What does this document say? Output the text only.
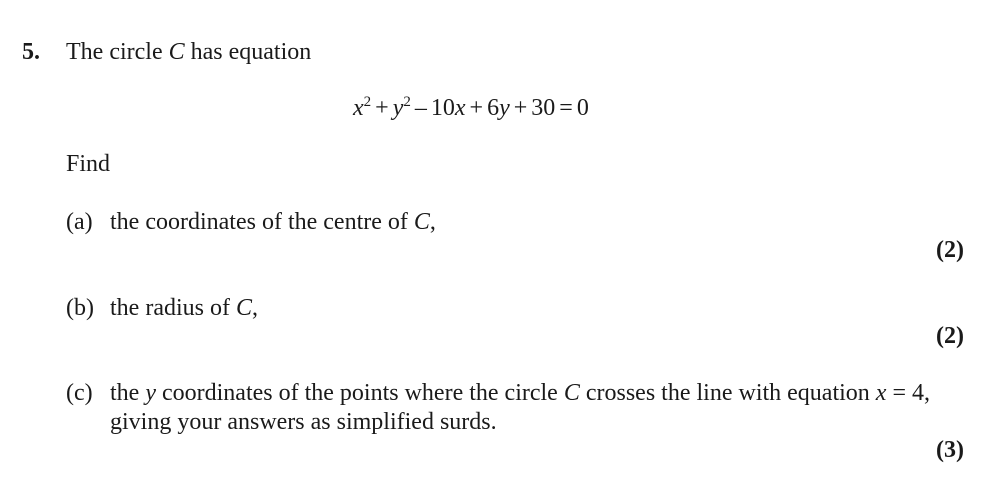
5. The circle C has equation
$x^2 + y^2 - 10x + 6y + 30 = 0$
Find
(a) the coordinates of the centre of C,
(2)
(b) the radius of C,
(2)
(c) the y coordinates of the points where the circle C crosses the line with equation x = 4,
giving your answers as simplified surds.
(3)
